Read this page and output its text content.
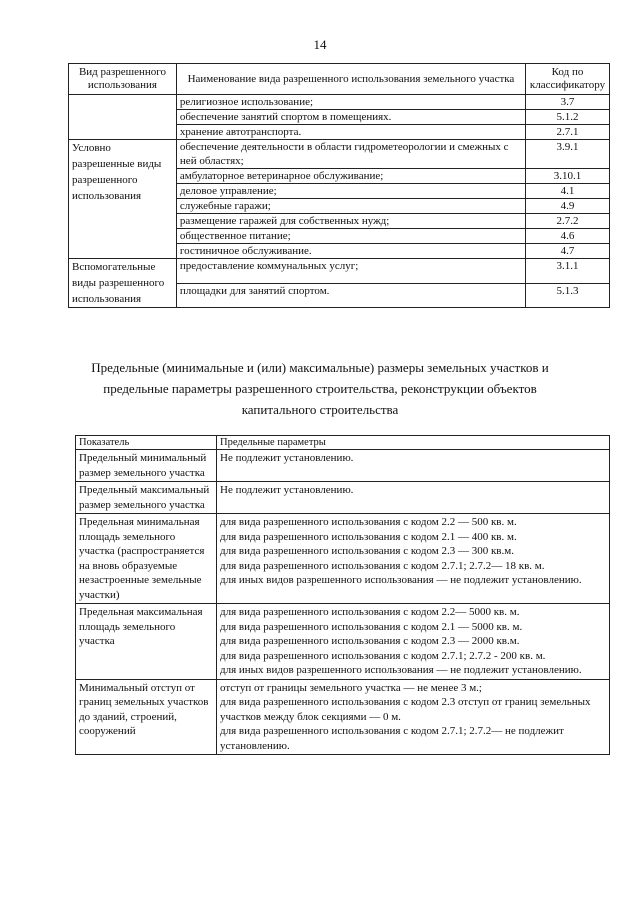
14
Вид разрешенного использования	Наименование вида разрешенного использования земельного участка	Код по классификатору
	религиозное использование;	3.7
	обеспечение занятий спортом в помещениях.	5.1.2
	хранение автотранспорта.	2.7.1
Условно разрешенные виды разрешенного использования	обеспечение деятельности в области гидрометеорологии и смежных с ней областях;	3.9.1
	амбулаторное ветеринарное обслуживание;	3.10.1
	деловое управление;	4.1
	служебные гаражи;	4.9
	размещение гаражей для собственных нужд;	2.7.2
	общественное питание;	4.6
	гостиничное обслуживание.	4.7
Вспомогательные виды разрешенного использования	предоставление коммунальных услуг;	3.1.1
	площадки для занятий спортом.	5.1.3
Предельные (минимальные и (или) максимальные) размеры земельных участков и предельные параметры разрешенного строительства, реконструкции объектов капитального строительства
Показатель	Предельные параметры
Предельный минимальный размер земельного участка	Не подлежит установлению.

Предельный максимальный размер земельного участка	Не подлежит установлению.

Предельная минимальная площадь земельного участка (распространяется на вновь образуемые незастроенные земельные участки)	для вида разрешенного использования с кодом 2.2 — 500 кв. м.
для вида разрешенного использования с кодом 2.1 — 400 кв. м.
для вида разрешенного использования с кодом 2.3 — 300 кв.м.
для вида разрешенного использования с кодом 2.7.1; 2.7.2— 18 кв. м.
для иных видов разрешенного использования — не подлежит установлению.

Предельная максимальная площадь земельного участка	для вида разрешенного использования с кодом 2.2— 5000 кв. м.
для вида разрешенного использования с кодом 2.1 — 5000 кв. м.
для вида разрешенного использования с кодом 2.3 — 2000 кв.м.
для вида разрешенного использования с кодом 2.7.1; 2.7.2 - 200 кв. м.
для иных видов разрешенного использования — не подлежит установлению.

Минимальный отступ от границ земельных участков до зданий, строений, сооружений	отступ от границы земельного участка — не менее 3 м.;
для вида разрешенного использования с кодом 2.3 отступ от границ земельных участков между блок секциями — 0 м.
для вида разрешенного использования с кодом 2.7.1; 2.7.2— не подлежит установлению.
